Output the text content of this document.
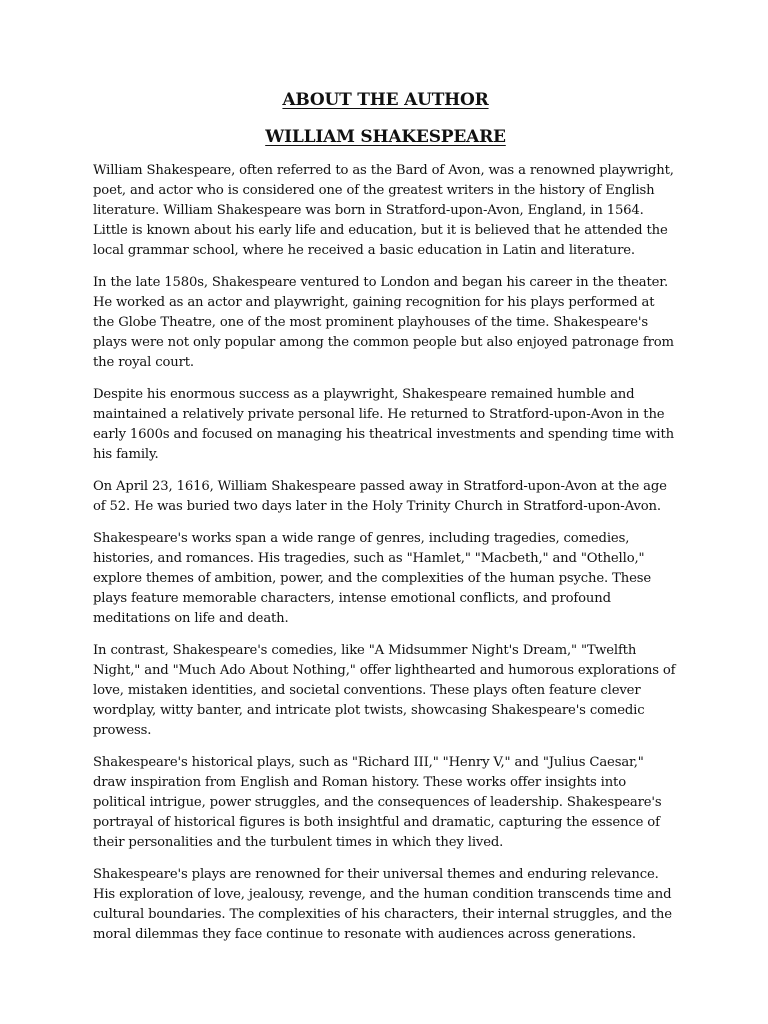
ABOUT THE AUTHOR
WILLIAM SHAKESPEARE

William Shakespeare, often referred to as the Bard of Avon, was a renowned playwright, poet, and actor who is considered one of the greatest writers in the history of English literature. William Shakespeare was born in Stratford-upon-Avon, England, in 1564. Little is known about his early life and education, but it is believed that he attended the local grammar school, where he received a basic education in Latin and literature.

In the late 1580s, Shakespeare ventured to London and began his career in the theater. He worked as an actor and playwright, gaining recognition for his plays performed at the Globe Theatre, one of the most prominent playhouses of the time. Shakespeare's plays were not only popular among the common people but also enjoyed patronage from the royal court.

Despite his enormous success as a playwright, Shakespeare remained humble and maintained a relatively private personal life. He returned to Stratford-upon-Avon in the early 1600s and focused on managing his theatrical investments and spending time with his family.

On April 23, 1616, William Shakespeare passed away in Stratford-upon-Avon at the age of 52. He was buried two days later in the Holy Trinity Church in Stratford-upon-Avon.

Shakespeare's works span a wide range of genres, including tragedies, comedies, histories, and romances. His tragedies, such as "Hamlet," "Macbeth," and "Othello," explore themes of ambition, power, and the complexities of the human psyche. These plays feature memorable characters, intense emotional conflicts, and profound meditations on life and death.

In contrast, Shakespeare's comedies, like "A Midsummer Night's Dream," "Twelfth Night," and "Much Ado About Nothing," offer lighthearted and humorous explorations of love, mistaken identities, and societal conventions. These plays often feature clever wordplay, witty banter, and intricate plot twists, showcasing Shakespeare's comedic prowess.

Shakespeare's historical plays, such as "Richard III," "Henry V," and "Julius Caesar," draw inspiration from English and Roman history. These works offer insights into political intrigue, power struggles, and the consequences of leadership. Shakespeare's portrayal of historical figures is both insightful and dramatic, capturing the essence of their personalities and the turbulent times in which they lived.

Shakespeare's plays are renowned for their universal themes and enduring relevance. His exploration of love, jealousy, revenge, and the human condition transcends time and cultural boundaries. The complexities of his characters, their internal struggles, and the moral dilemmas they face continue to resonate with audiences across generations.
